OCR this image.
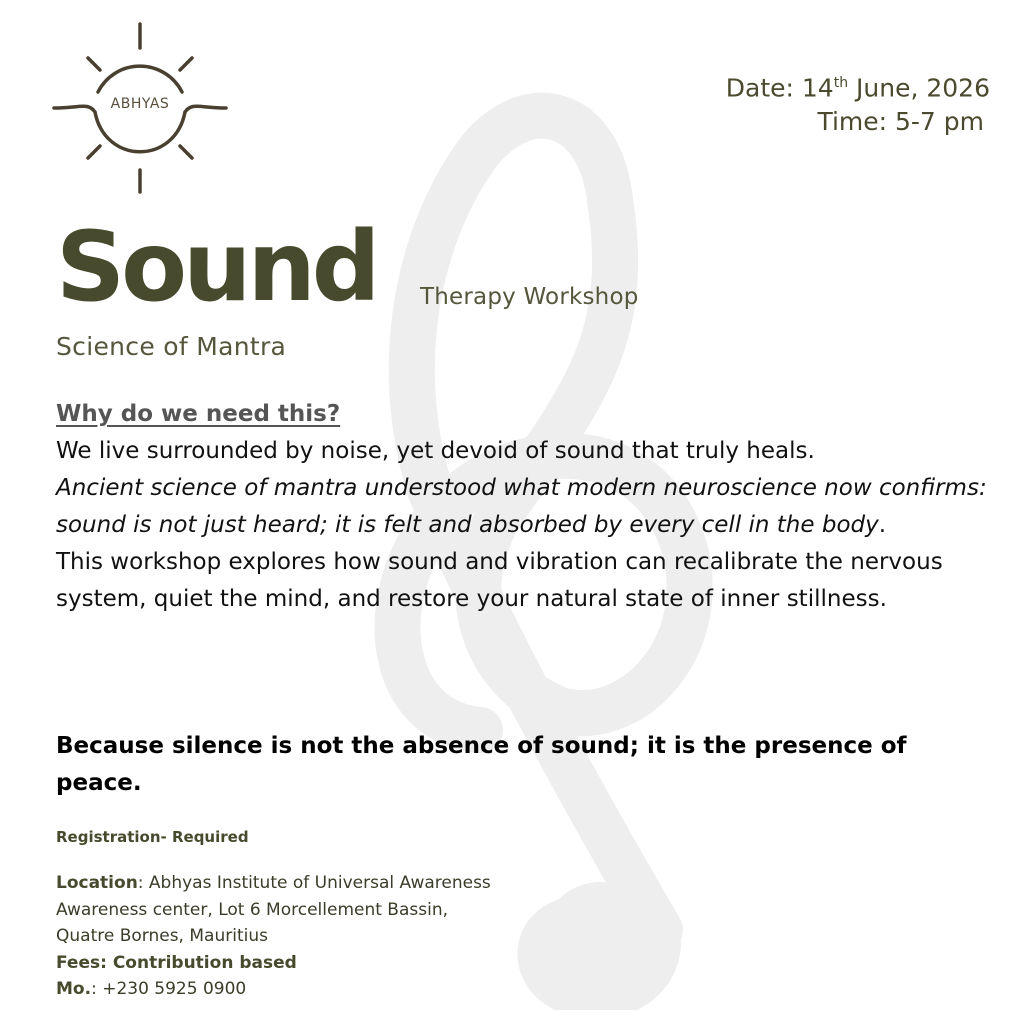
ABHYAS
Date: 14th June, 2026
Time: 5-7 pm
Sound Therapy Workshop
Science of Mantra
Why do we need this?
We live surrounded by noise, yet devoid of sound that truly heals.
Ancient science of mantra understood what modern neuroscience now confirms: sound is not just heard; it is felt and absorbed by every cell in the body.
This workshop explores how sound and vibration can recalibrate the nervous system, quiet the mind, and restore your natural state of inner stillness.
Because silence is not the absence of sound; it is the presence of peace.
Registration- Required
Location: Abhyas Institute of Universal Awareness
Awareness center, Lot 6 Morcellement Bassin,
Quatre Bornes, Mauritius
Fees: Contribution based
Mo.: +230 5925 0900
